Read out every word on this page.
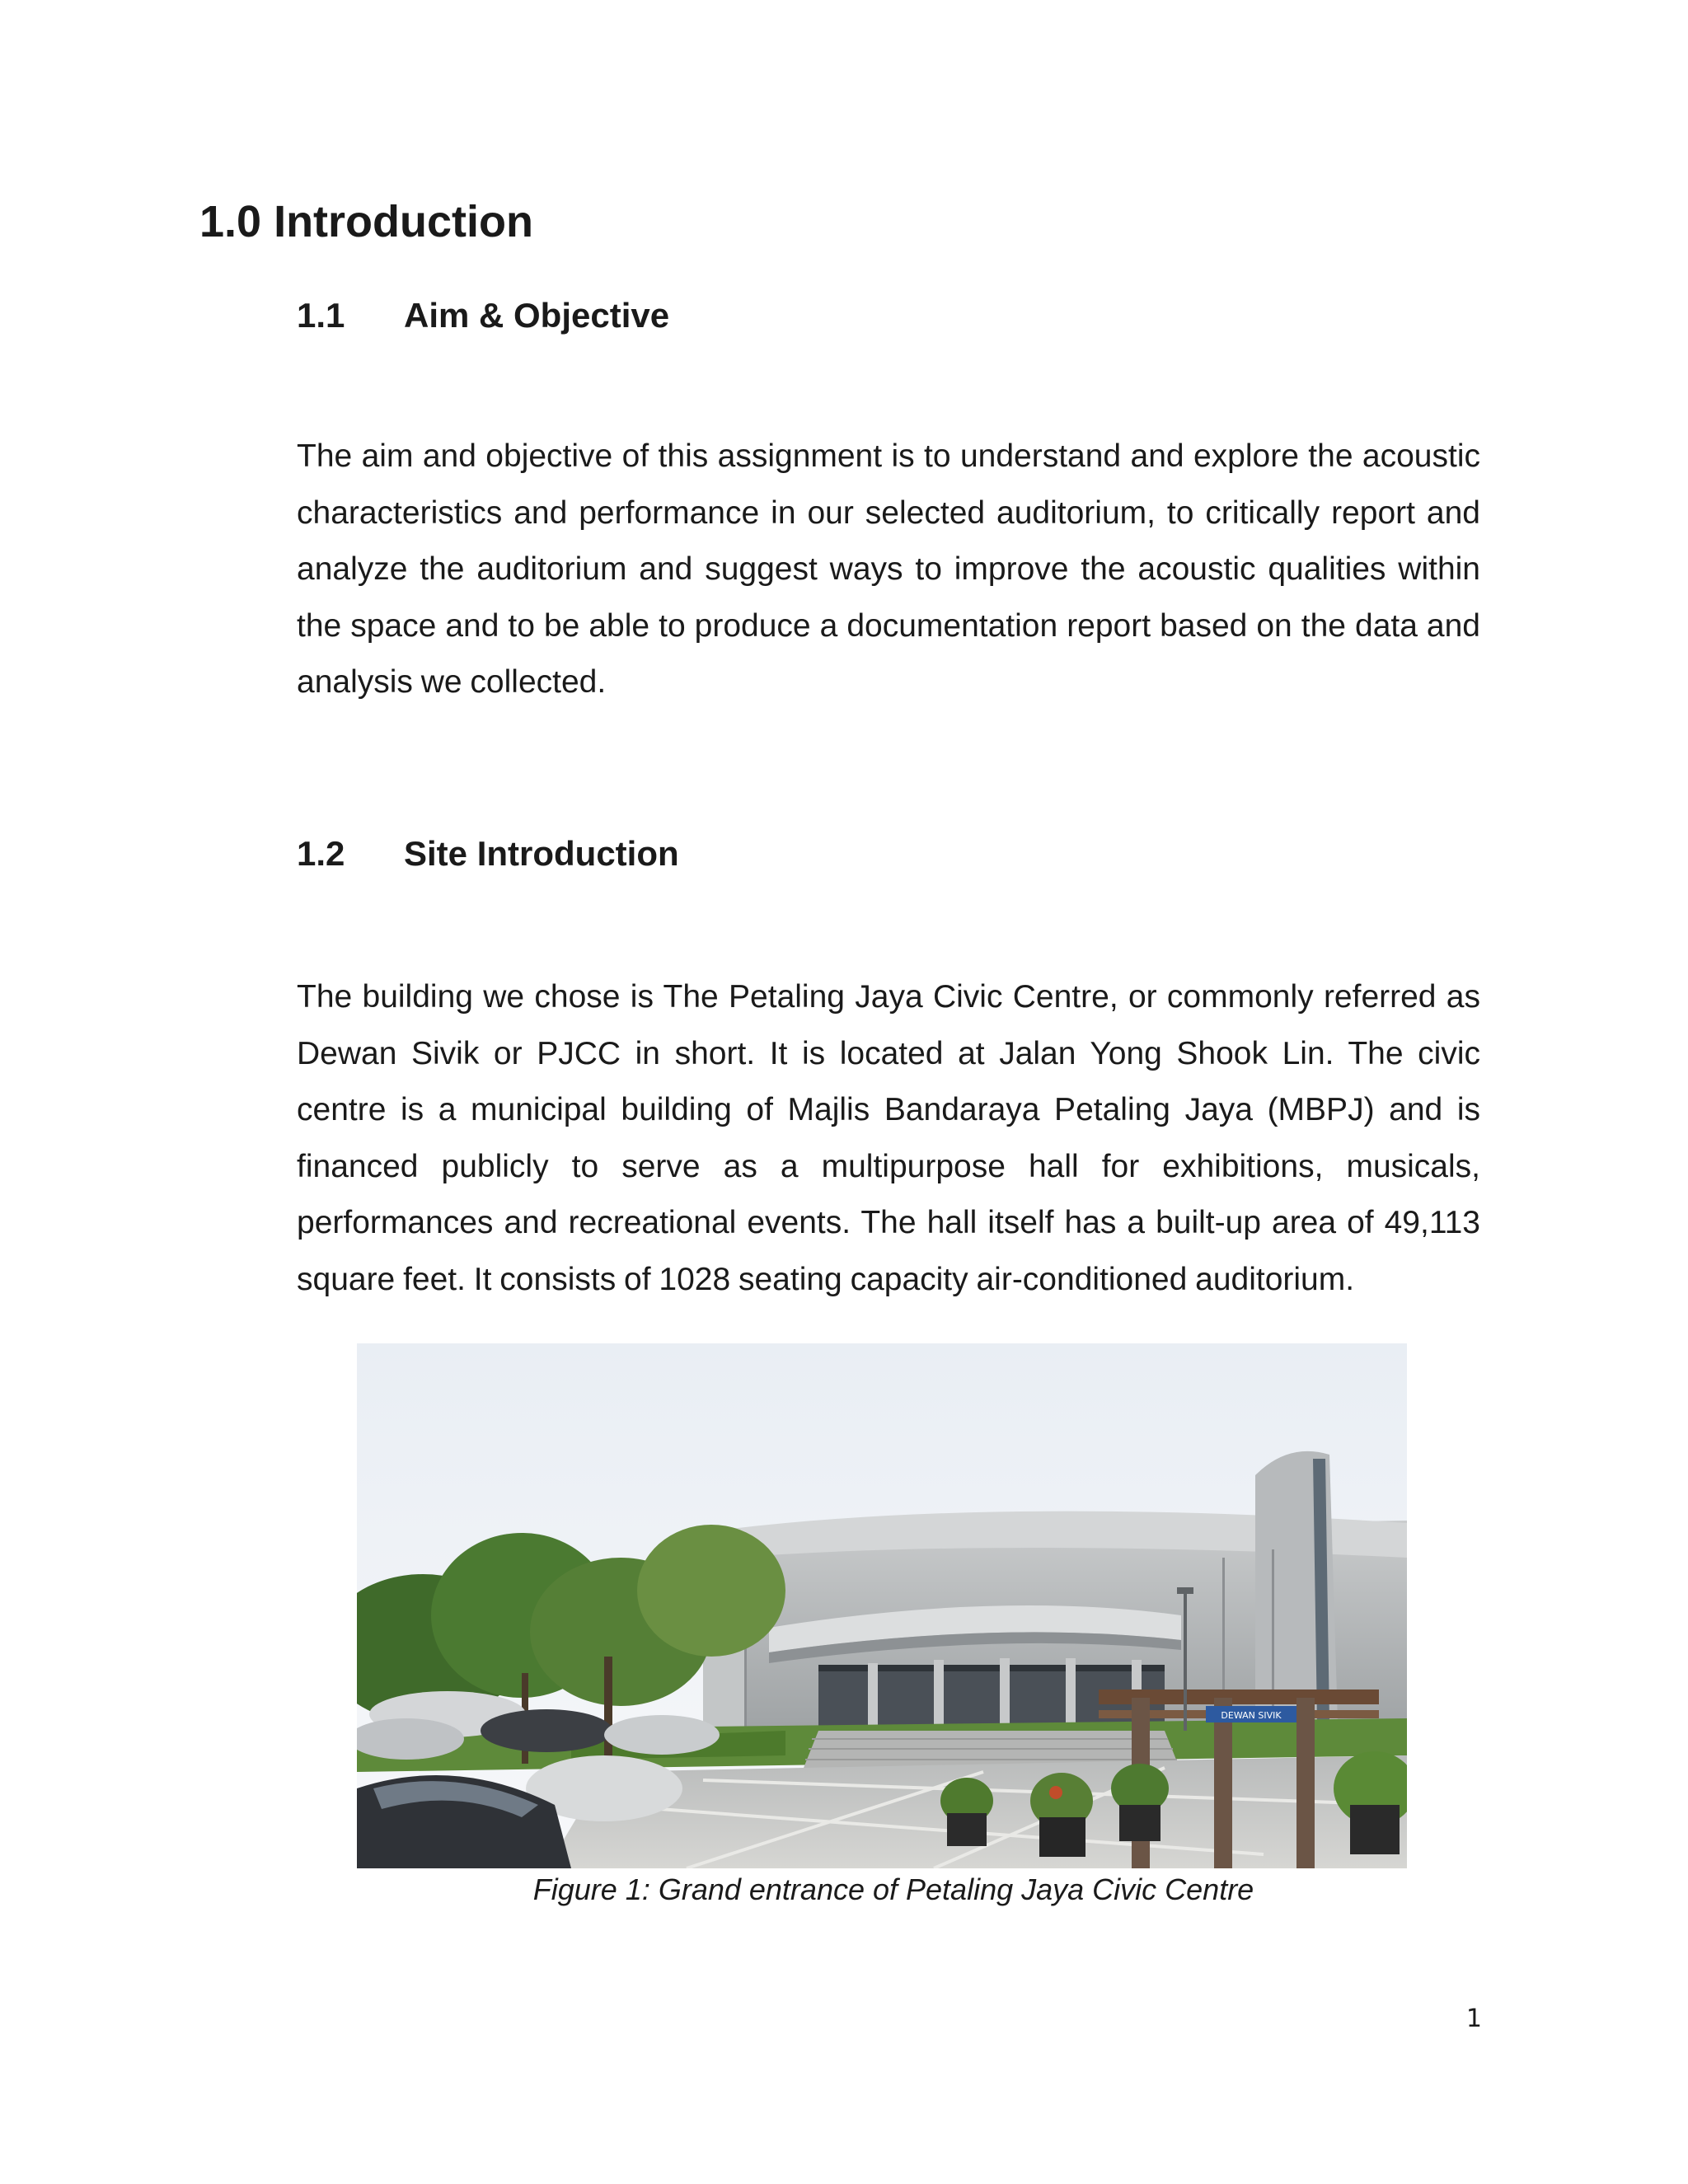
1.0 Introduction
1.1 Aim & Objective

The aim and objective of this assignment is to understand and explore the acoustic characteristics and performance in our selected auditorium, to critically report and analyze the auditorium and suggest ways to improve the acoustic qualities within the space and to be able to produce a documentation report based on the data and analysis we collected.

1.2 Site Introduction

The building we chose is The Petaling Jaya Civic Centre, or commonly referred as Dewan Sivik or PJCC in short. It is located at Jalan Yong Shook Lin. The civic centre is a municipal building of Majlis Bandaraya Petaling Jaya (MBPJ) and is financed publicly to serve as a multipurpose hall for exhibitions, musicals, performances and recreational events. The hall itself has a built-up area of 49,113 square feet. It consists of 1028 seating capacity air-conditioned auditorium.

DEWAN SIVIK
Figure 1: Grand entrance of Petaling Jaya Civic Centre
1
